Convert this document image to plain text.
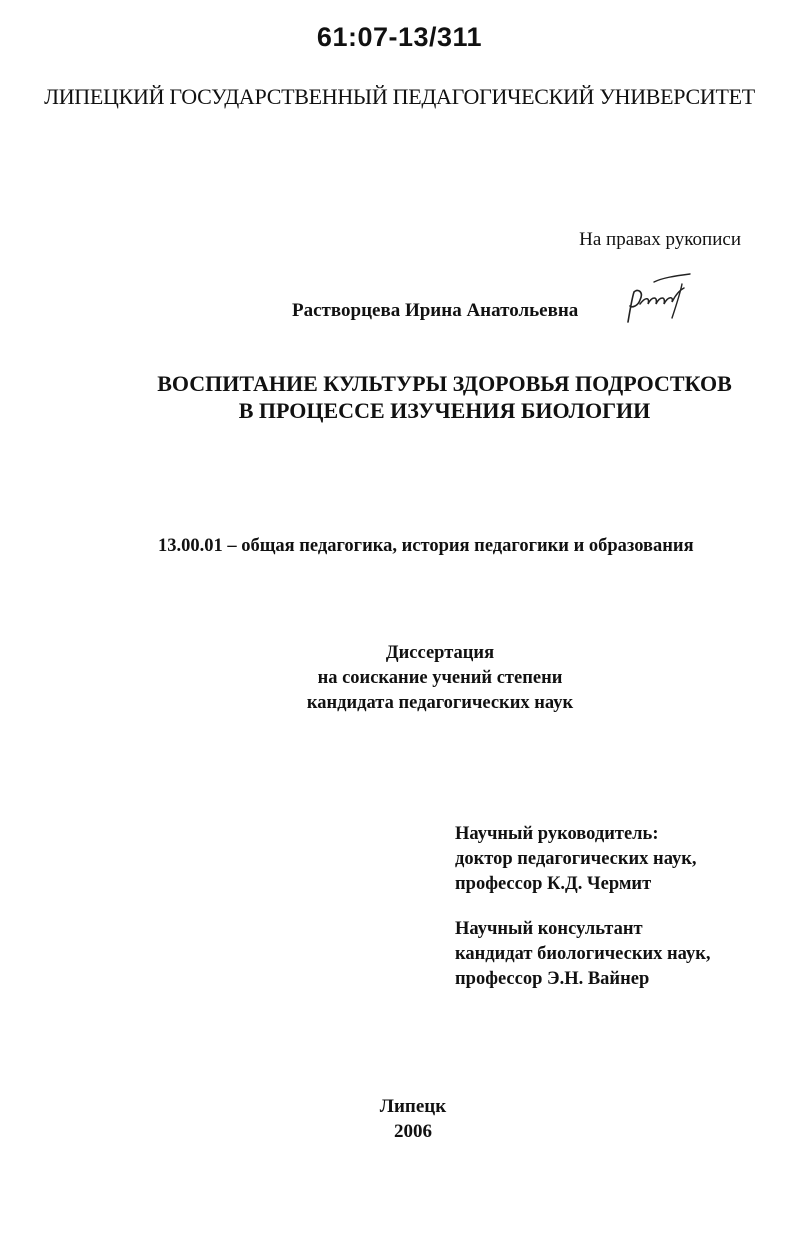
61:07-13/311
ЛИПЕЦКИЙ ГОСУДАРСТВЕННЫЙ ПЕДАГОГИЧЕСКИЙ УНИВЕРСИТЕТ
На правах рукописи
Растворцева Ирина Анатольевна
ВОСПИТАНИЕ КУЛЬТУРЫ ЗДОРОВЬЯ ПОДРОСТКОВ
В ПРОЦЕССЕ ИЗУЧЕНИЯ БИОЛОГИИ
13.00.01 – общая педагогика, история педагогики и образования
Диссертация
на соискание учений степени
кандидата педагогических наук
Научный руководитель:
доктор педагогических наук,
профессор К.Д. Чермит
Научный консультант
кандидат биологических наук,
профессор Э.Н. Вайнер
Липецк
2006
